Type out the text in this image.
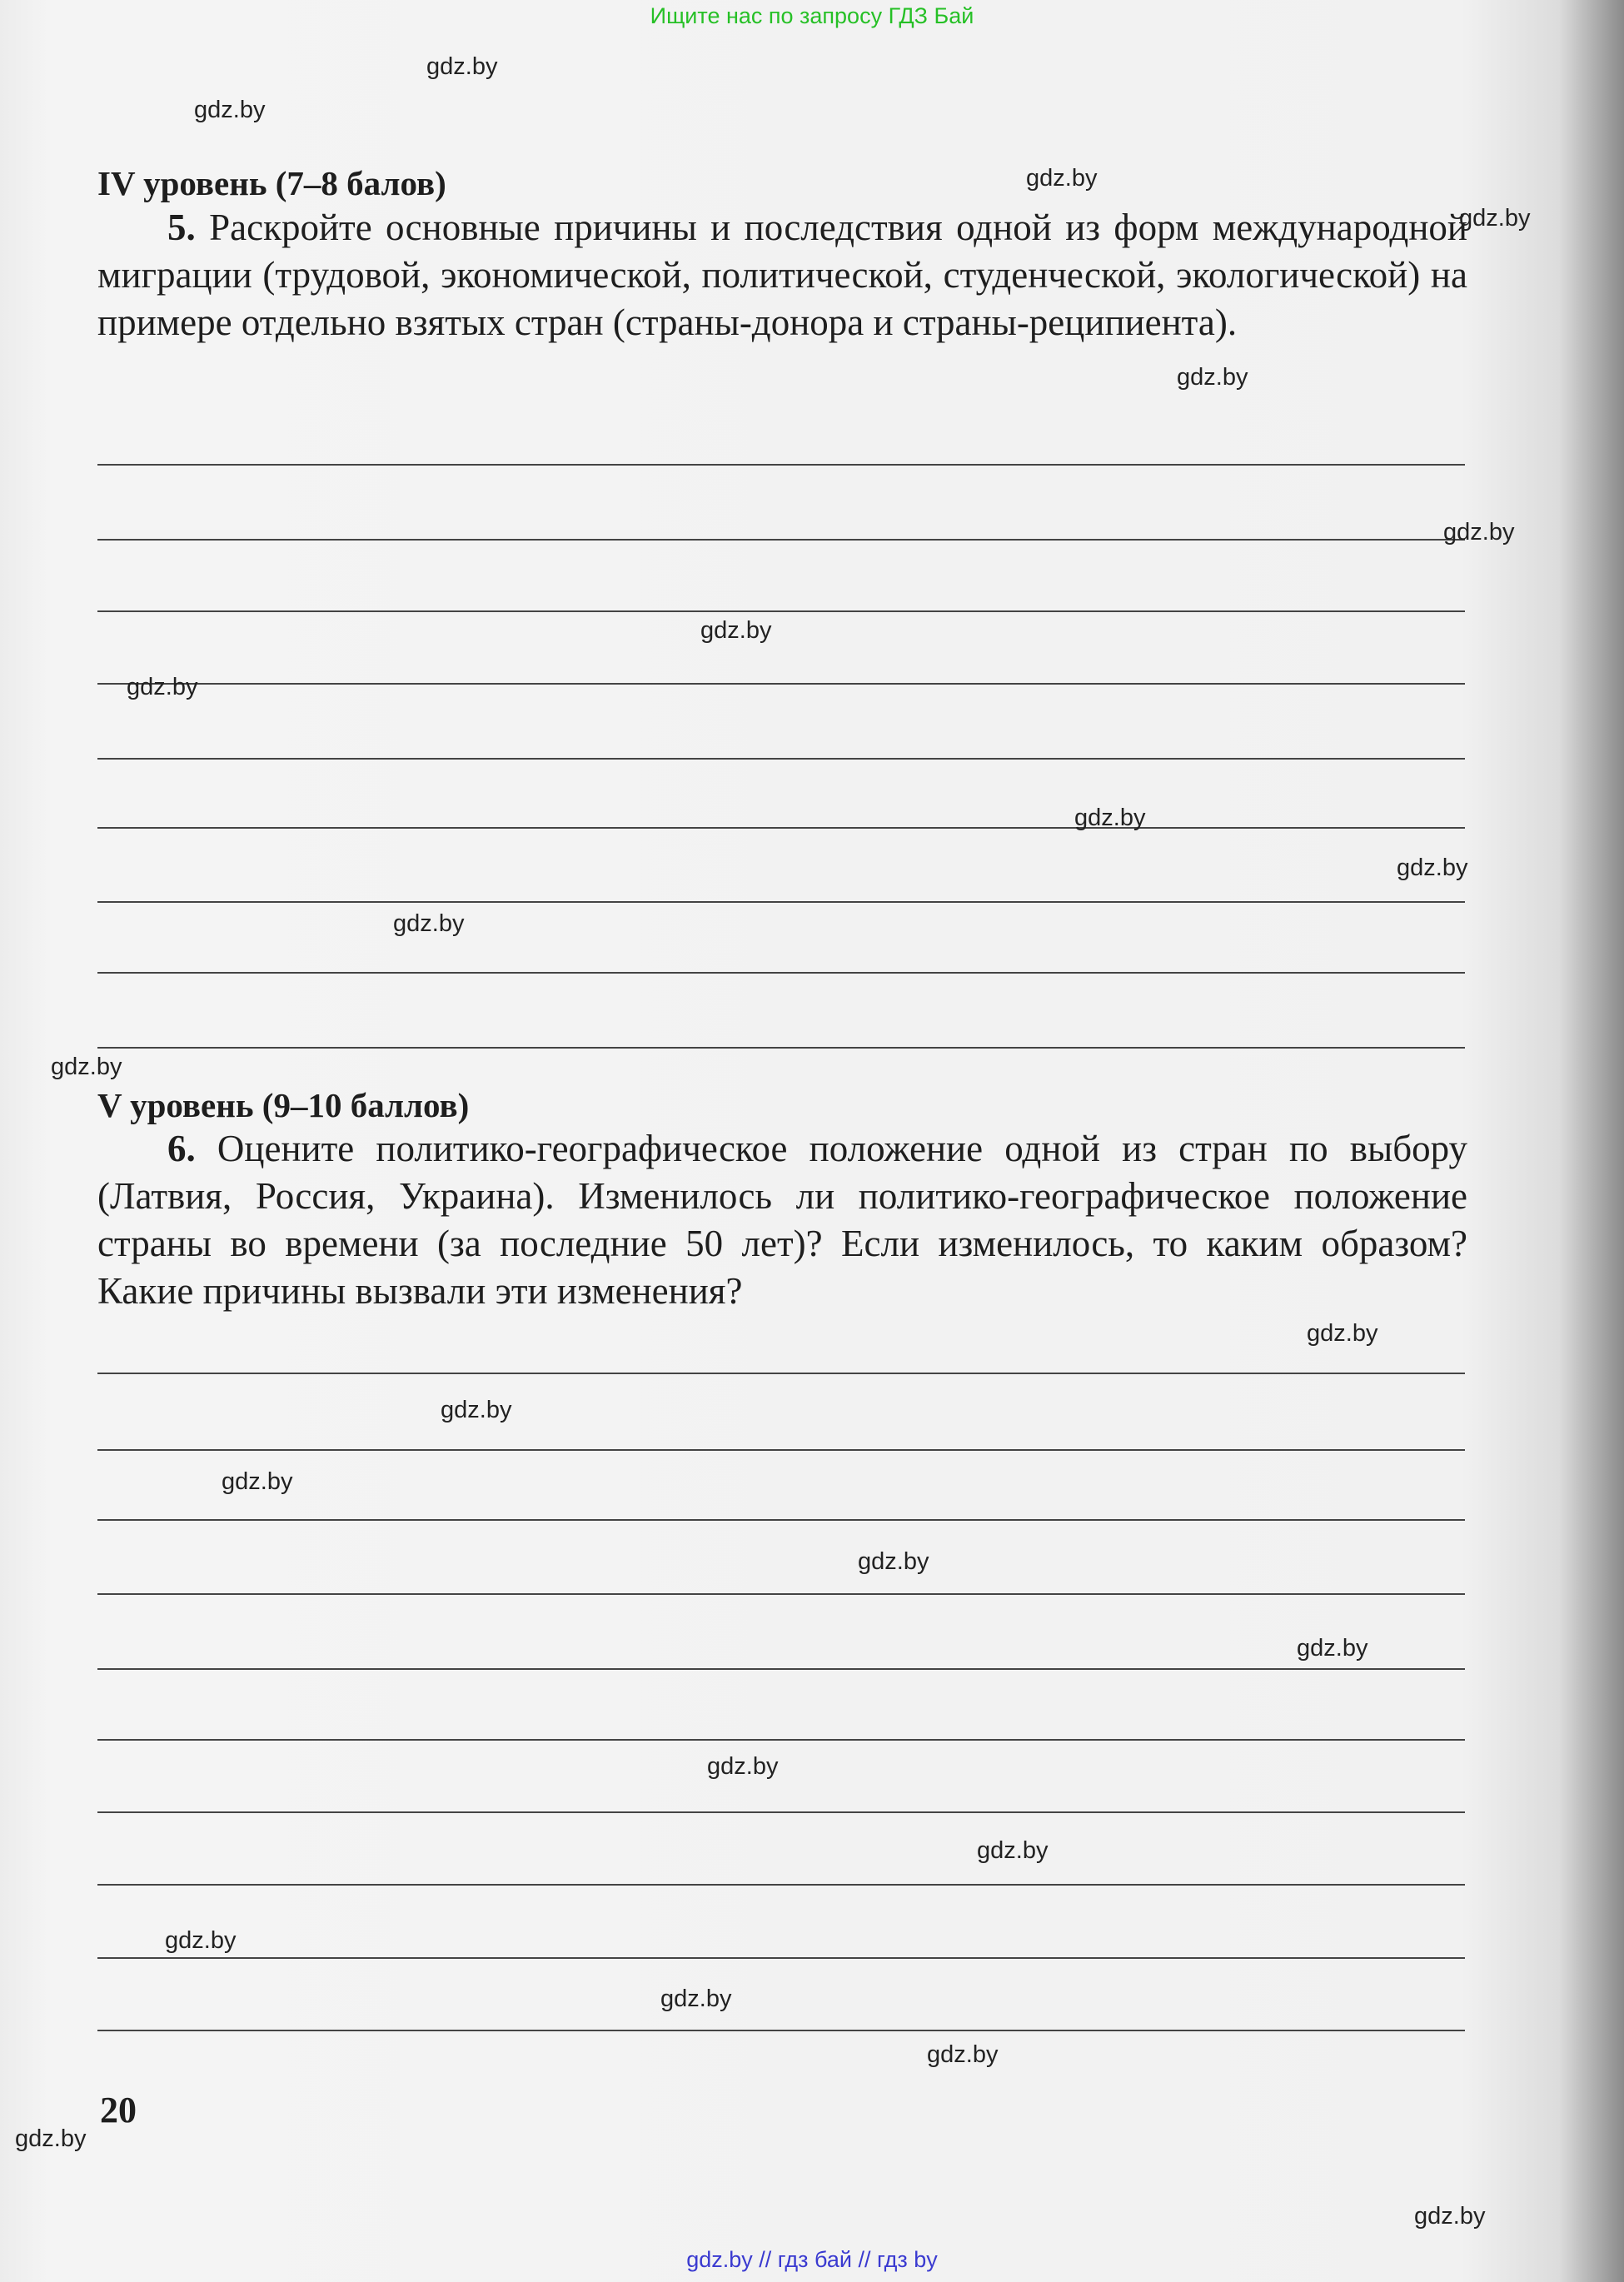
Ищите нас по запросу ГДЗ Бай
IV уровень (7–8 балов)
5. Раскройте основные причины и последствия одной из форм международной миграции (трудовой, экономической, политической, студенческой, экологической) на примере отдельно взятых стран (страны-донора и страны-реципиента).
V уровень (9–10 баллов)
6. Оцените политико-географическое положение одной из стран по выбору (Латвия, Россия, Украина). Изменилось ли политико-географическое положение страны во времени (за последние 50 лет)? Если изменилось, то каким образом? Какие причины вызвали эти изменения?
20
gdz.by
gdz.by
gdz.by
gdz.by
gdz.by
gdz.by
gdz.by
gdz.by
gdz.by
gdz.by
gdz.by
gdz.by
gdz.by
gdz.by
gdz.by
gdz.by
gdz.by
gdz.by
gdz.by
gdz.by
gdz.by
gdz.by
gdz.by
gdz.by
gdz.by // гдз бай // гдз by
